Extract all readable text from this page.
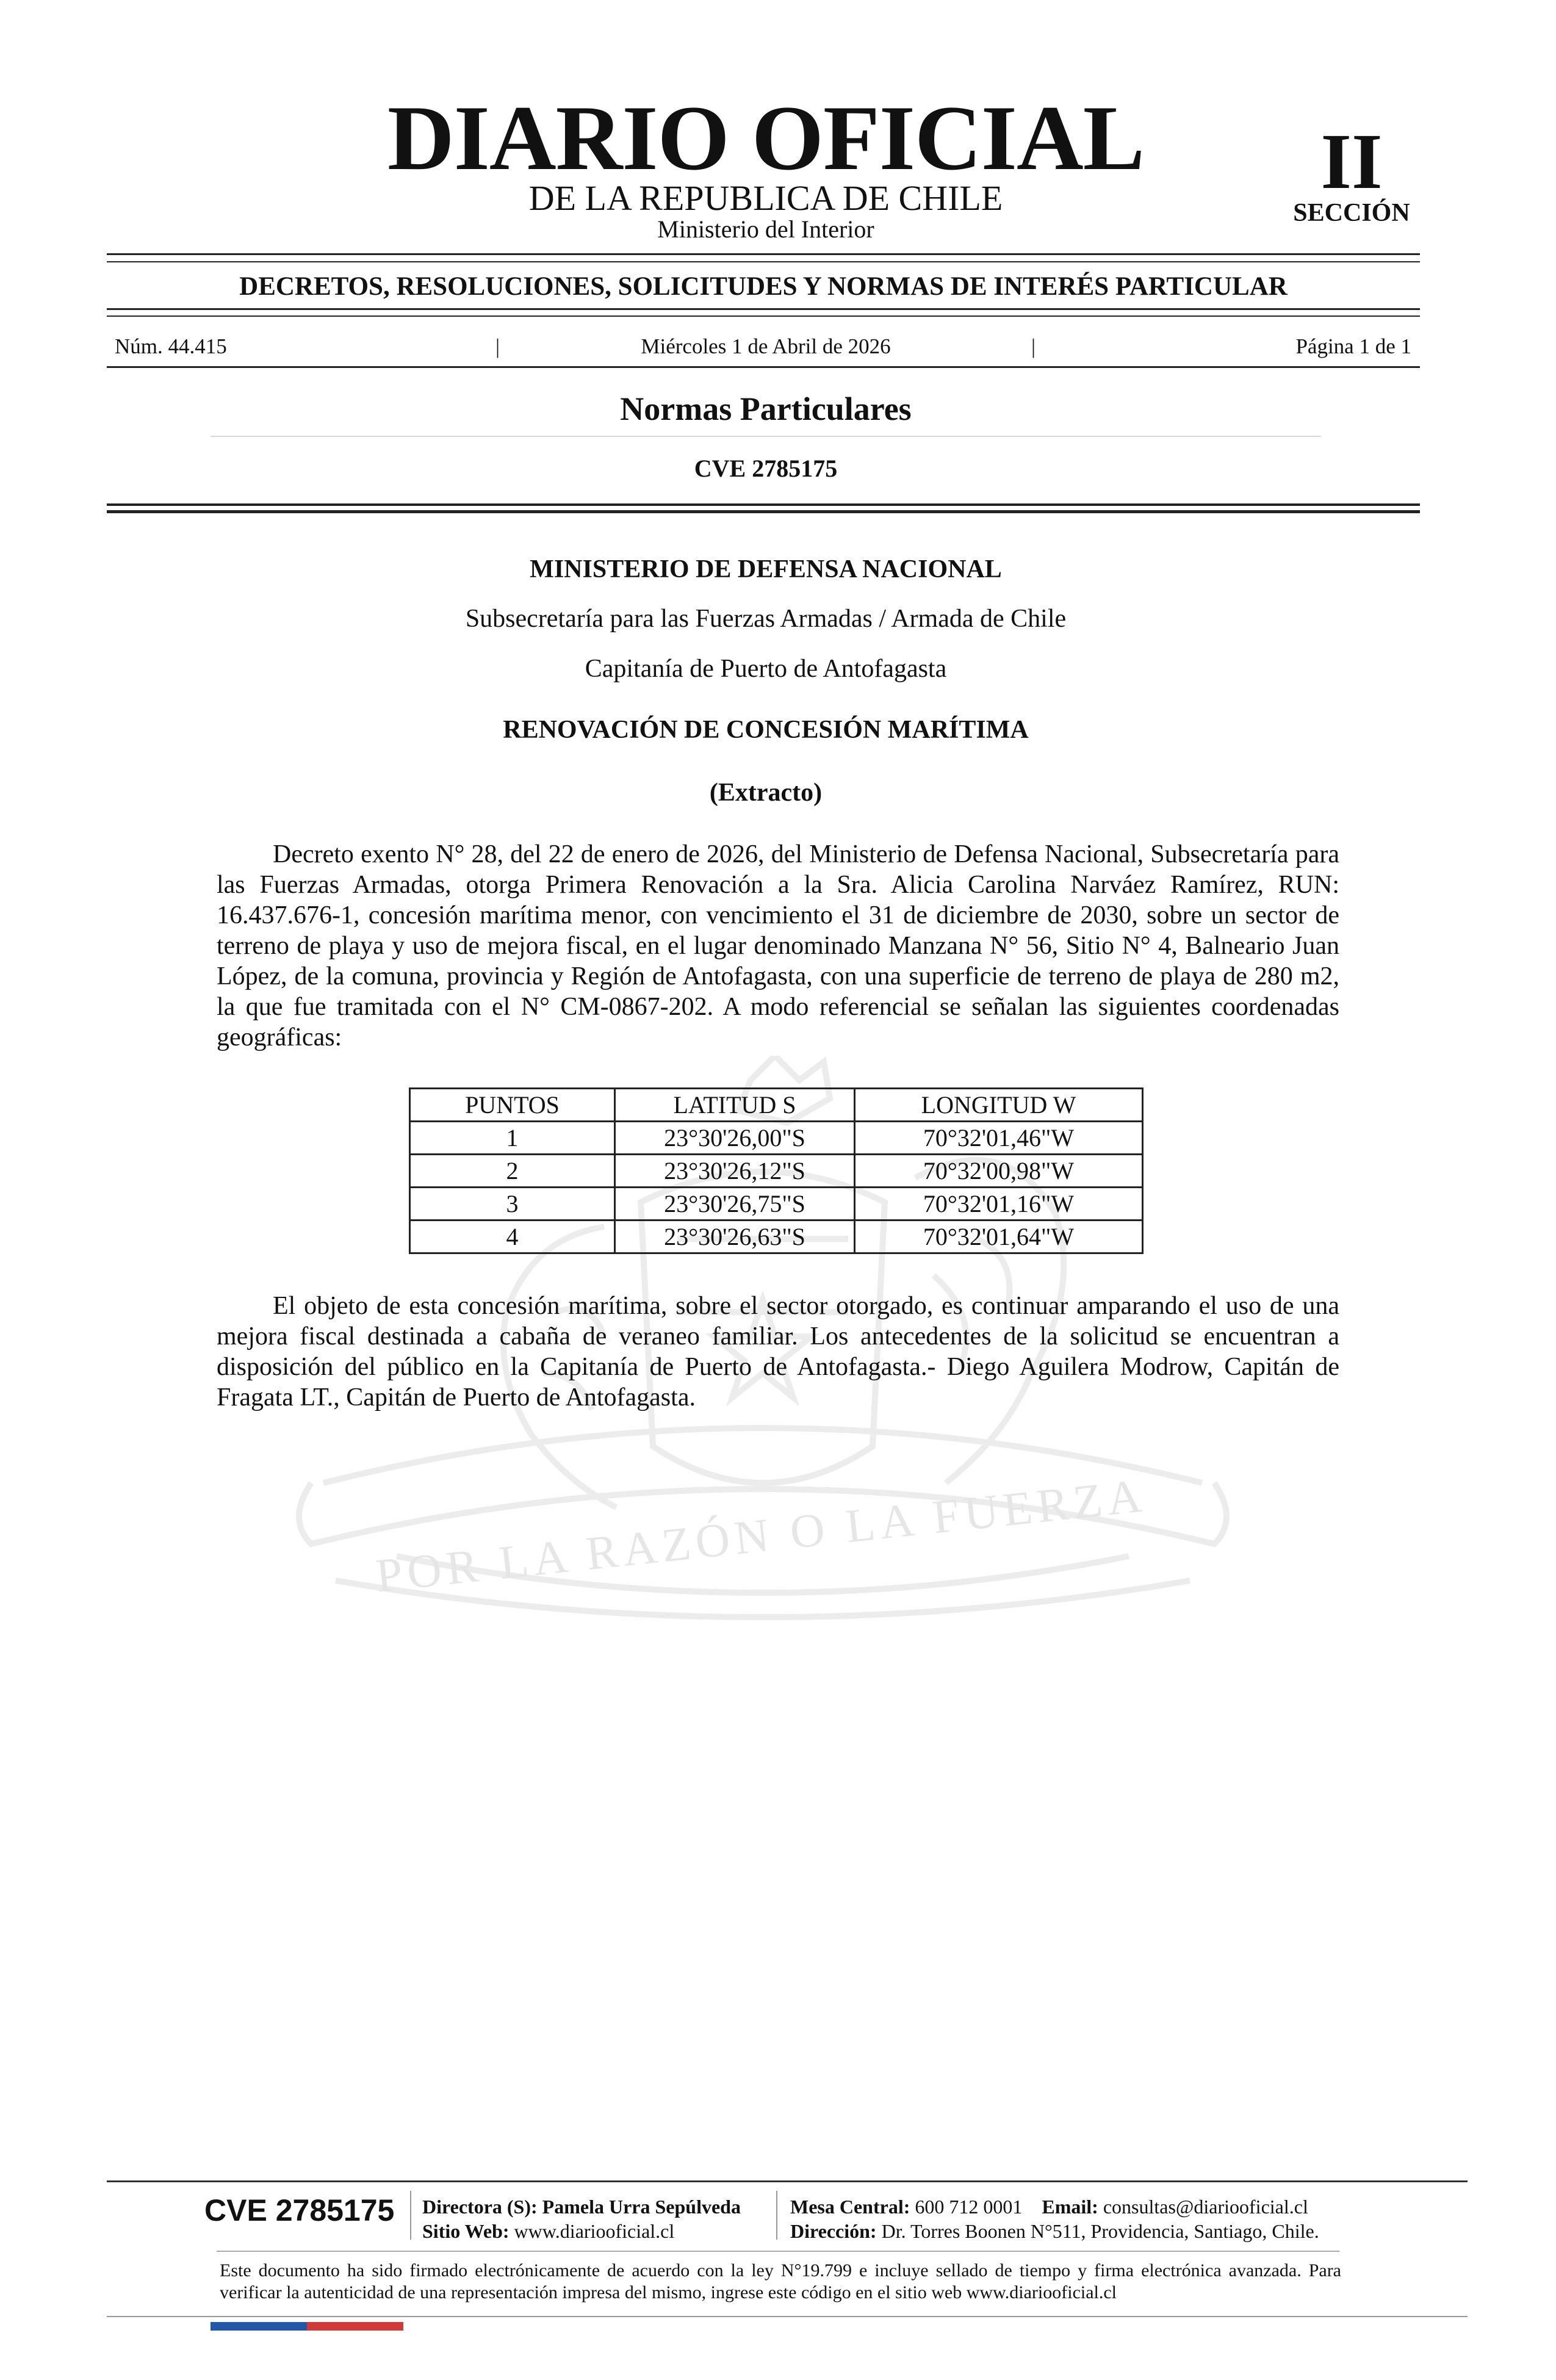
POR LA RAZÓN O LA FUERZA
DIARIO OFICIAL
DE LA REPUBLICA DE CHILE
Ministerio del Interior
II
SECCIÓN
DECRETOS, RESOLUCIONES, SOLICITUDES Y NORMAS DE INTERÉS PARTICULAR
Núm. 44.415	|	Miércoles 1 de Abril de 2026	|	Página 1 de 1
Normas Particulares
CVE 2785175
MINISTERIO DE DEFENSA NACIONAL
Subsecretaría para las Fuerzas Armadas / Armada de Chile
Capitanía de Puerto de Antofagasta
RENOVACIÓN DE CONCESIÓN MARÍTIMA
(Extracto)

Decreto exento N° 28, del 22 de enero de 2026, del Ministerio de Defensa Nacional, Subsecretaría para las Fuerzas Armadas, otorga Primera Renovación a la Sra. Alicia Carolina Narváez Ramírez, RUN: 16.437.676-1, concesión marítima menor, con vencimiento el 31 de diciembre de 2030, sobre un sector de terreno de playa y uso de mejora fiscal, en el lugar denominado Manzana N° 56, Sitio N° 4, Balneario Juan López, de la comuna, provincia y Región de Antofagasta, con una superficie de terreno de playa de 280 m2, la que fue tramitada con el N° CM-0867-202. A modo referencial se señalan las siguientes coordenadas geográficas:

PUNTOS	LATITUD S	LONGITUD W
1	23°30'26,00"S	70°32'01,46"W
2	23°30'26,12"S	70°32'00,98"W
3	23°30'26,75"S	70°32'01,16"W
4	23°30'26,63"S	70°32'01,64"W

El objeto de esta concesión marítima, sobre el sector otorgado, es continuar amparando el uso de una mejora fiscal destinada a cabaña de veraneo familiar. Los antecedentes de la solicitud se encuentran a disposición del público en la Capitanía de Puerto de Antofagasta.- Diego Aguilera Modrow, Capitán de Fragata LT., Capitán de Puerto de Antofagasta.

CVE 2785175 Directora (S): Pamela Urra Sepúlveda
Sitio Web: www.diariooficial.cl
Mesa Central: 600 712 0001 Email: consultas@diariooficial.cl
Dirección: Dr. Torres Boonen N°511, Providencia, Santiago, Chile.
Este documento ha sido firmado electrónicamente de acuerdo con la ley N°19.799 e incluye sellado de tiempo y firma electrónica avanzada. Para verificar la autenticidad de una representación impresa del mismo, ingrese este código en el sitio web www.diariooficial.cl
